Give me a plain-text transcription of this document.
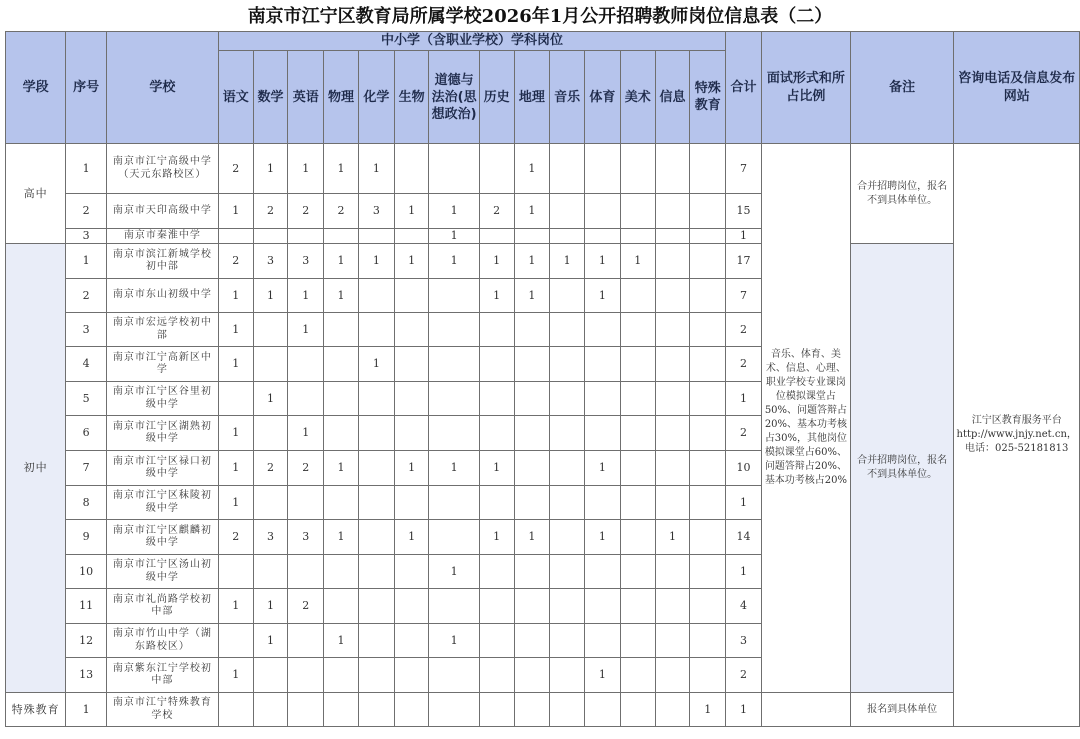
南京市江宁区教育局所属学校2026年1月公开招聘教师岗位信息表（二）
学段	序号	学校	中小学（含职业学校）学科岗位														合计	面试形式和所占比例	备注	咨询电话及信息发布网站
			语文	数学	英语	物理	化学	生物	道德与法治(思想政治)	历史	地理	音乐	体育	美术	信息	特殊教育				
高中	1	南京市江宁高级中学（天元东路校区）	2	1	1	1	1				1						7	音乐、体育、美术、信息、心理、职业学校专业课岗位模拟课堂占50%、问题答辩占20%、基本功考核占30%，其他岗位模拟课堂占60%、问题答辩占20%、基本功考核占20%	合并招聘岗位，报名不到具体单位。	江宁区教育服务平台http://www.jnjy.net.cn，电话：025-52181813
	2	南京市天印高级中学	1	2	2	2	3	1	1	2	1						15			
	3	南京市秦淮中学							1								1			
初中	1	南京市滨江新城学校初中部	2	3	3	1	1	1	1	1	1	1	1	1			17		合并招聘岗位，报名不到具体单位。	
	2	南京市东山初级中学	1	1	1	1				1	1		1				7			
	3	南京市宏远学校初中部	1		1												2			
	4	南京市江宁高新区中学	1				1										2			
	5	南京市江宁区谷里初级中学		1													1			
	6	南京市江宁区湖熟初级中学	1		1												2			
	7	南京市江宁区禄口初级中学	1	2	2	1		1	1	1			1				10			
	8	南京市江宁区秣陵初级中学	1														1			
	9	南京市江宁区麒麟初级中学	2	3	3	1		1		1	1		1		1		14			
	10	南京市江宁区汤山初级中学							1								1			
	11	南京市礼尚路学校初中部	1	1	2												4			
	12	南京市竹山中学（湖东路校区）		1		1			1								3			
	13	南京紫东江宁学校初中部	1										1				2			
特殊教育	1	南京市江宁特殊教育学校														1	1		报名到具体单位	
